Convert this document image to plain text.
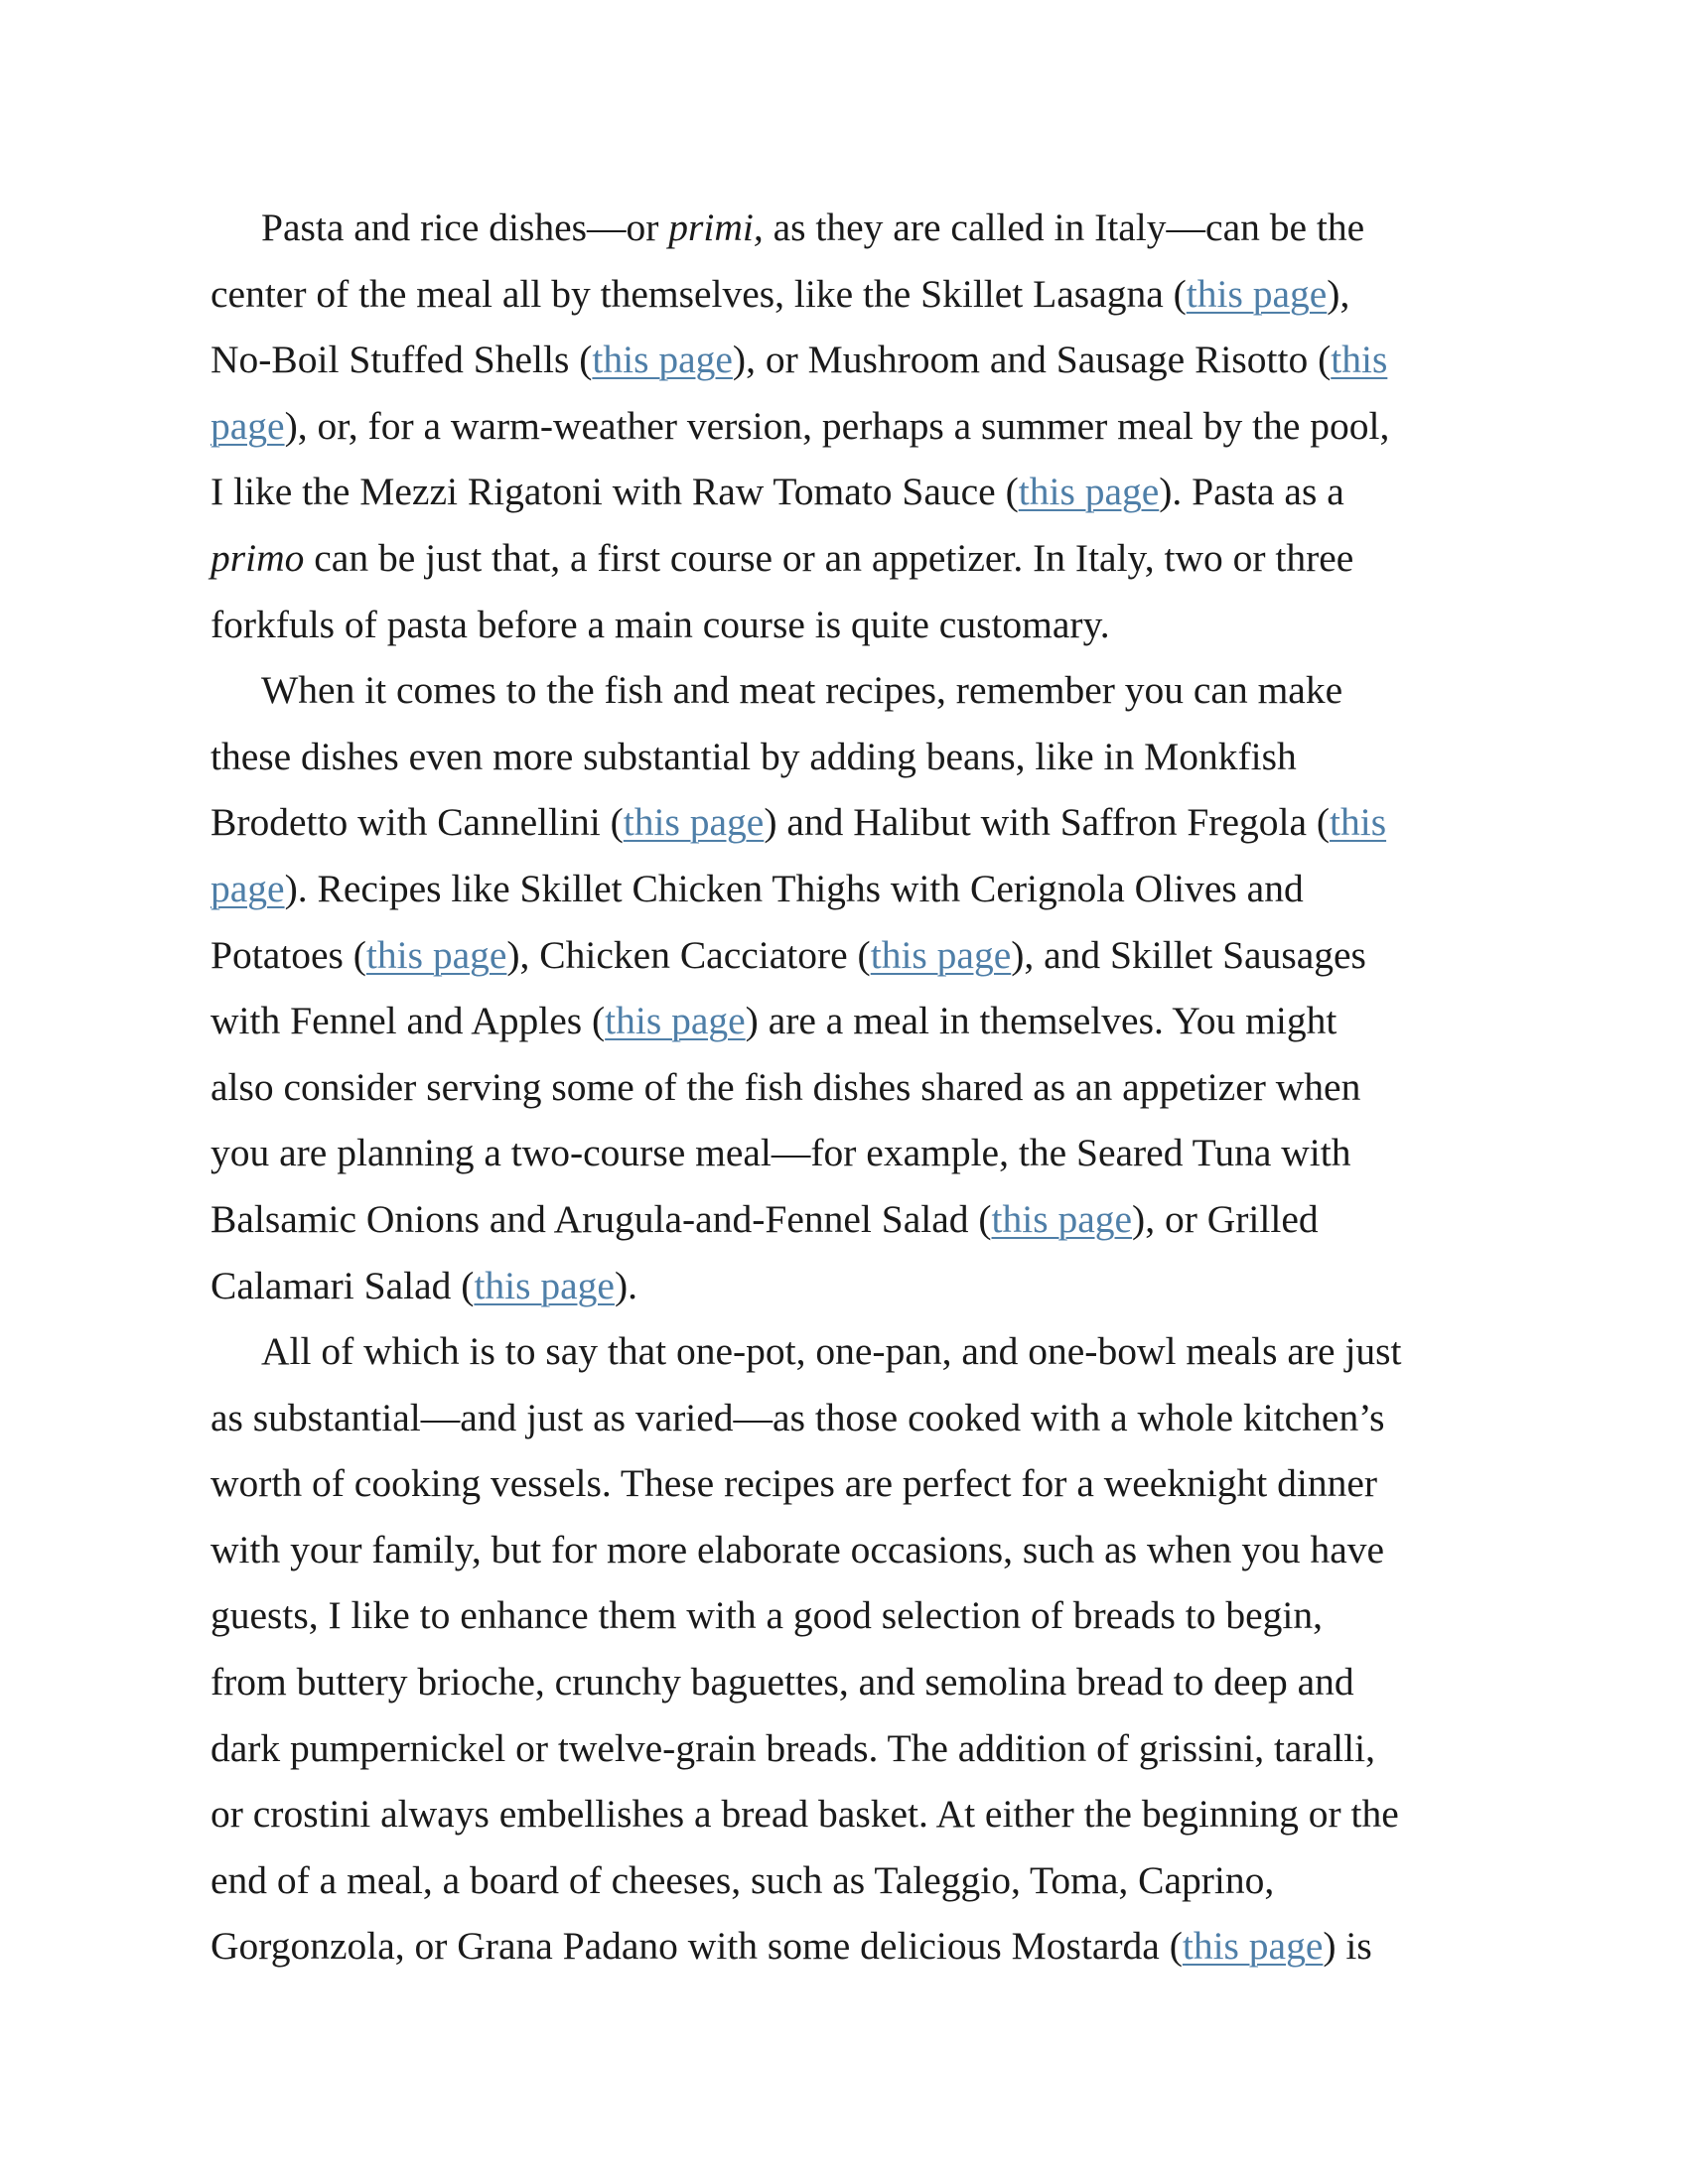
Pasta and rice dishes—or primi, as they are called in Italy—can be the
center of the meal all by themselves, like the Skillet Lasagna (this page),
No-Boil Stuffed Shells (this page), or Mushroom and Sausage Risotto (this
page), or, for a warm-weather version, perhaps a summer meal by the pool,
I like the Mezzi Rigatoni with Raw Tomato Sauce (this page). Pasta as a
primo can be just that, a first course or an appetizer. In Italy, two or three
forkfuls of pasta before a main course is quite customary.
When it comes to the fish and meat recipes, remember you can make
these dishes even more substantial by adding beans, like in Monkfish
Brodetto with Cannellini (this page) and Halibut with Saffron Fregola (this
page). Recipes like Skillet Chicken Thighs with Cerignola Olives and
Potatoes (this page), Chicken Cacciatore (this page), and Skillet Sausages
with Fennel and Apples (this page) are a meal in themselves. You might
also consider serving some of the fish dishes shared as an appetizer when
you are planning a two-course meal—for example, the Seared Tuna with
Balsamic Onions and Arugula-and-Fennel Salad (this page), or Grilled
Calamari Salad (this page).
All of which is to say that one-pot, one-pan, and one-bowl meals are just
as substantial—and just as varied—as those cooked with a whole kitchen’s
worth of cooking vessels. These recipes are perfect for a weeknight dinner
with your family, but for more elaborate occasions, such as when you have
guests, I like to enhance them with a good selection of breads to begin,
from buttery brioche, crunchy baguettes, and semolina bread to deep and
dark pumpernickel or twelve-grain breads. The addition of grissini, taralli,
or crostini always embellishes a bread basket. At either the beginning or the
end of a meal, a board of cheeses, such as Taleggio, Toma, Caprino,
Gorgonzola, or Grana Padano with some delicious Mostarda (this page) is
